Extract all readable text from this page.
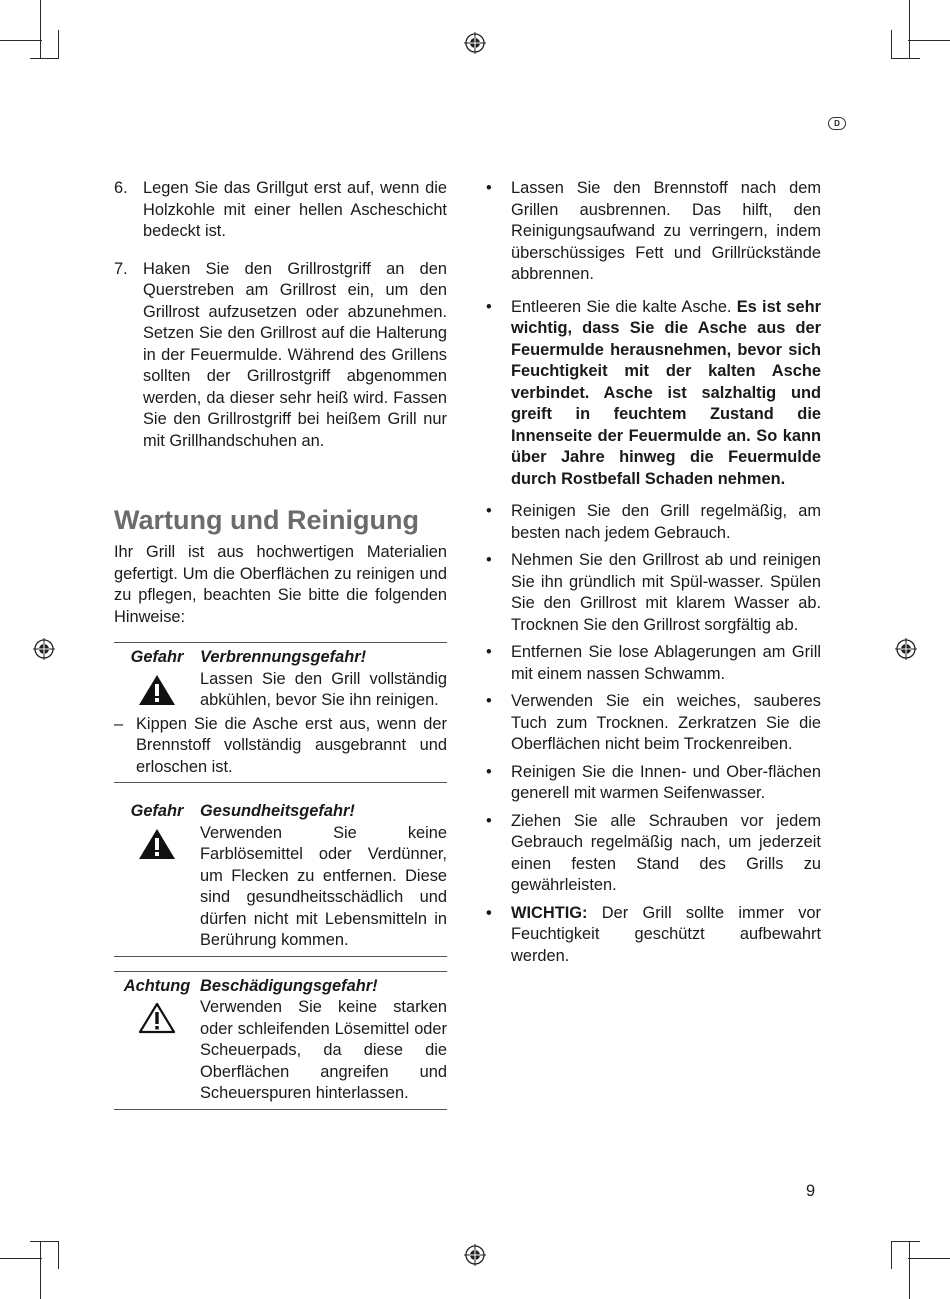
D
6. Legen Sie das Grillgut erst auf, wenn die Holzkohle mit einer hellen Ascheschicht bedeckt ist.
7. Haken Sie den Grillrostgriff an den Querstreben am Grillrost ein, um den Grillrost aufzusetzen oder abzunehmen. Setzen Sie den Grillrost auf die Halterung in der Feuermulde. Während des Grillens sollten der Grillrostgriff abgenommen werden, da dieser sehr heiß wird. Fassen Sie den Grillrostgriff bei heißem Grill nur mit Grillhandschuhen an.
Wartung und Reinigung
Ihr Grill ist aus hochwertigen Materialien gefertigt. Um die Oberflächen zu reinigen und zu pflegen, beachten Sie bitte die folgenden Hinweise:
Gefahr	Verbrennungsgefahr!
Lassen Sie den Grill vollständig abkühlen, bevor Sie ihn reinigen.
– Kippen Sie die Asche erst aus, wenn der Brennstoff vollständig ausgebrannt und erloschen ist.
Gefahr	Gesundheitsgefahr!
Verwenden Sie keine Farblösemittel oder Verdünner, um Flecken zu entfernen. Diese sind gesundheitsschädlich und dürfen nicht mit Lebensmitteln in Berührung kommen.
Achtung Beschädigungsgefahr!
Verwenden Sie keine starken oder schleifenden Lösemittel oder Scheuerpads, da diese die Oberflächen angreifen und Scheuerspuren hinterlassen.
•	Lassen Sie den Brennstoff nach dem Grillen ausbrennen. Das hilft, den Reinigungsaufwand zu verringern, indem überschüssiges Fett und Grillrückstände abbrennen.
•	Entleeren Sie die kalte Asche. Es ist sehr wichtig, dass Sie die Asche aus der Feuermulde herausnehmen, bevor sich Feuchtigkeit mit der kalten Asche verbindet. Asche ist salzhaltig und greift in feuchtem Zustand die Innenseite der Feuermulde an. So kann über Jahre hinweg die Feuermulde durch Rostbefall Schaden nehmen.
•	Reinigen Sie den Grill regelmäßig, am besten nach jedem Gebrauch.
•	Nehmen Sie den Grillrost ab und reinigen Sie ihn gründlich mit Spül-wasser. Spülen Sie den Grillrost mit klarem Wasser ab. Trocknen Sie den Grillrost sorgfältig ab.
•	Entfernen Sie lose Ablagerungen am Grill mit einem nassen Schwamm.
•	Verwenden Sie ein weiches, sauberes Tuch zum Trocknen. Zerkratzen Sie die Oberflächen nicht beim Trockenreiben.
•	Reinigen Sie die Innen- und Ober-flächen generell mit warmen Seifenwasser.
•	Ziehen Sie alle Schrauben vor jedem Gebrauch regelmäßig nach, um jederzeit einen festen Stand des Grills zu gewährleisten.
•	WICHTIG: Der Grill sollte immer vor Feuchtigkeit geschützt aufbewahrt werden.
9
